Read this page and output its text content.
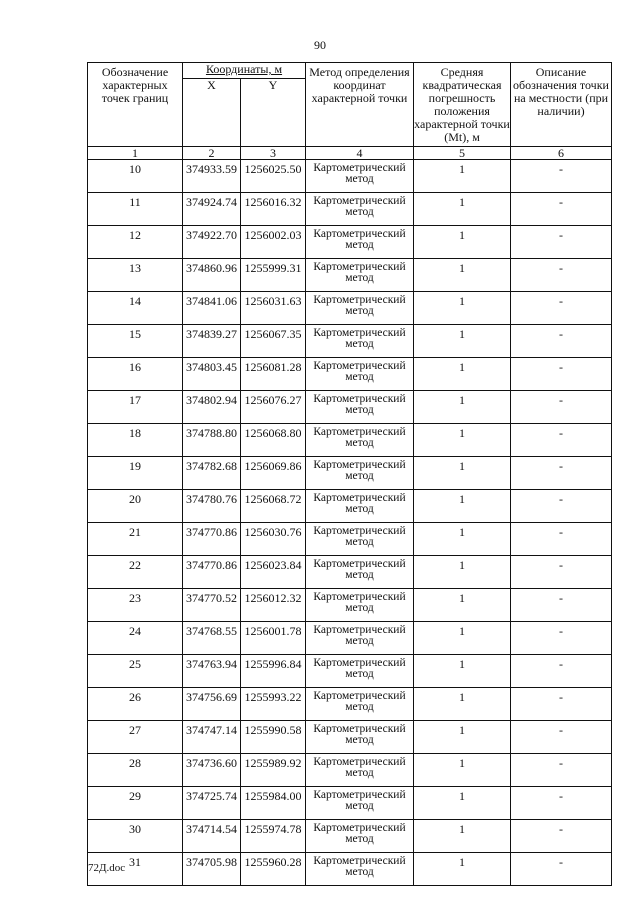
90
Обозначение характерных точек границ	Координаты, м		Метод определения координат характерной точки	Средняя квадратическая погрешность положения характерной точки (Mt), м	Описание обозначения точки на местности (при наличии)
	X	Y			
1	2	3	4	5	6
10	374933.59	1256025.50	Картометрический метод	1	-
11	374924.74	1256016.32	Картометрический метод	1	-
12	374922.70	1256002.03	Картометрический метод	1	-
13	374860.96	1255999.31	Картометрический метод	1	-
14	374841.06	1256031.63	Картометрический метод	1	-
15	374839.27	1256067.35	Картометрический метод	1	-
16	374803.45	1256081.28	Картометрический метод	1	-
17	374802.94	1256076.27	Картометрический метод	1	-
18	374788.80	1256068.80	Картометрический метод	1	-
19	374782.68	1256069.86	Картометрический метод	1	-
20	374780.76	1256068.72	Картометрический метод	1	-
21	374770.86	1256030.76	Картометрический метод	1	-
22	374770.86	1256023.84	Картометрический метод	1	-
23	374770.52	1256012.32	Картометрический метод	1	-
24	374768.55	1256001.78	Картометрический метод	1	-
25	374763.94	1255996.84	Картометрический метод	1	-
26	374756.69	1255993.22	Картометрический метод	1	-
27	374747.14	1255990.58	Картометрический метод	1	-
28	374736.60	1255989.92	Картометрический метод	1	-
29	374725.74	1255984.00	Картометрический метод	1	-
30	374714.54	1255974.78	Картометрический метод	1	-
31	374705.98	1255960.28	Картометрический метод	1	-
72Д.doc
